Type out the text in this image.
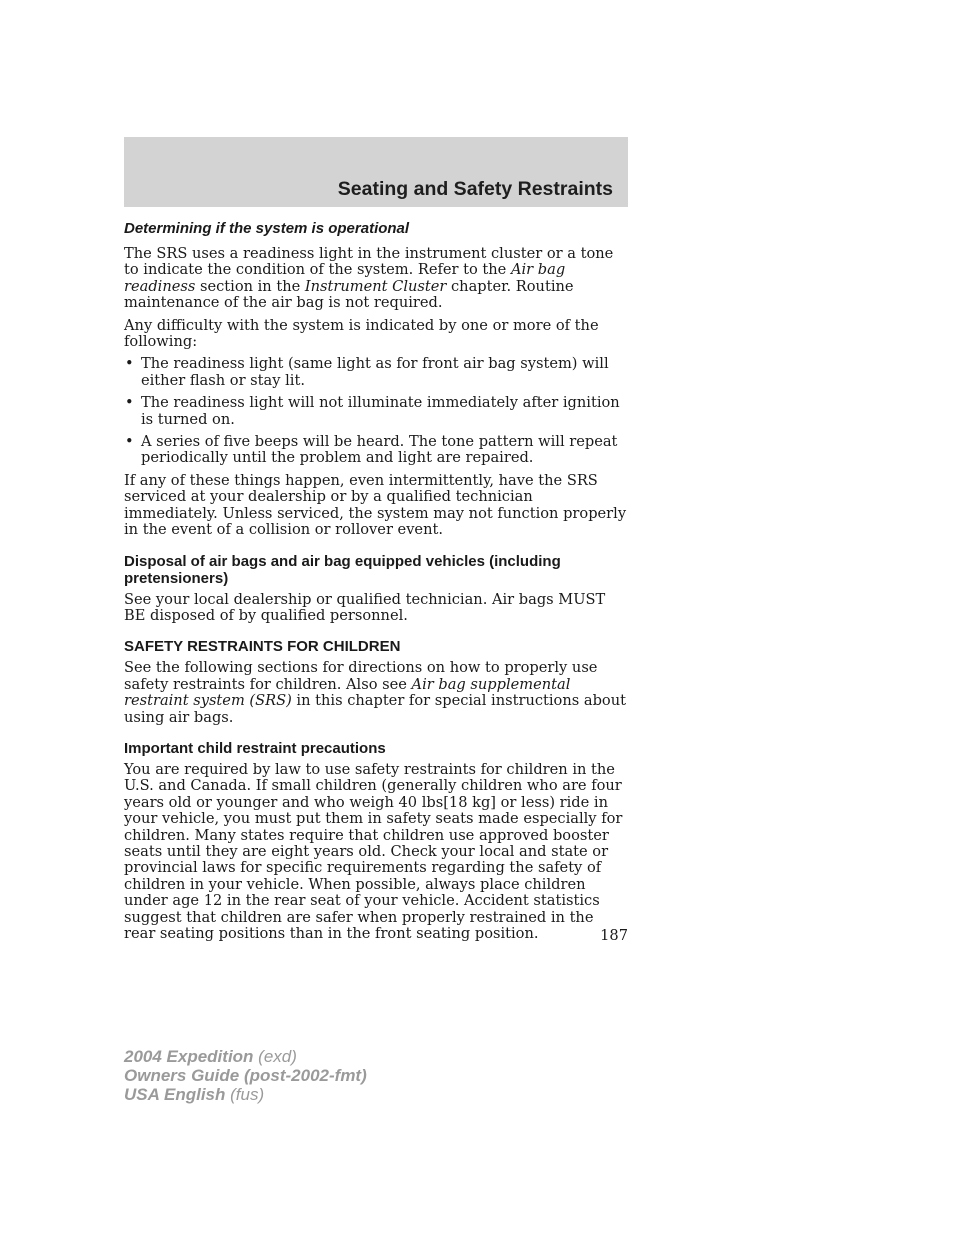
Seating and Safety Restraints
Determining if the system is operational

The SRS uses a readiness light in the instrument cluster or a tone to indicate the condition of the system. Refer to the Air bag readiness section in the Instrument Cluster chapter. Routine maintenance of the air bag is not required.

Any difficulty with the system is indicated by one or more of the following:

• The readiness light (same light as for front air bag system) will either flash or stay lit.
• The readiness light will not illuminate immediately after ignition is turned on.
• A series of five beeps will be heard. The tone pattern will repeat periodically until the problem and light are repaired.

If any of these things happen, even intermittently, have the SRS serviced at your dealership or by a qualified technician immediately. Unless serviced, the system may not function properly in the event of a collision or rollover event.

Disposal of air bags and air bag equipped vehicles (including pretensioners)

See your local dealership or qualified technician. Air bags MUST BE disposed of by qualified personnel.

SAFETY RESTRAINTS FOR CHILDREN

See the following sections for directions on how to properly use safety restraints for children. Also see Air bag supplemental restraint system (SRS) in this chapter for special instructions about using air bags.

Important child restraint precautions

You are required by law to use safety restraints for children in the U.S. and Canada. If small children (generally children who are four years old or younger and who weigh 40 lbs[18 kg] or less) ride in your vehicle, you must put them in safety seats made especially for children. Many states require that children use approved booster seats until they are eight years old. Check your local and state or provincial laws for specific requirements regarding the safety of children in your vehicle. When possible, always place children under age 12 in the rear seat of your vehicle. Accident statistics suggest that children are safer when properly restrained in the rear seating positions than in the front seating position.	187
2004 Expedition (exd)
Owners Guide (post-2002-fmt)
USA English (fus)
